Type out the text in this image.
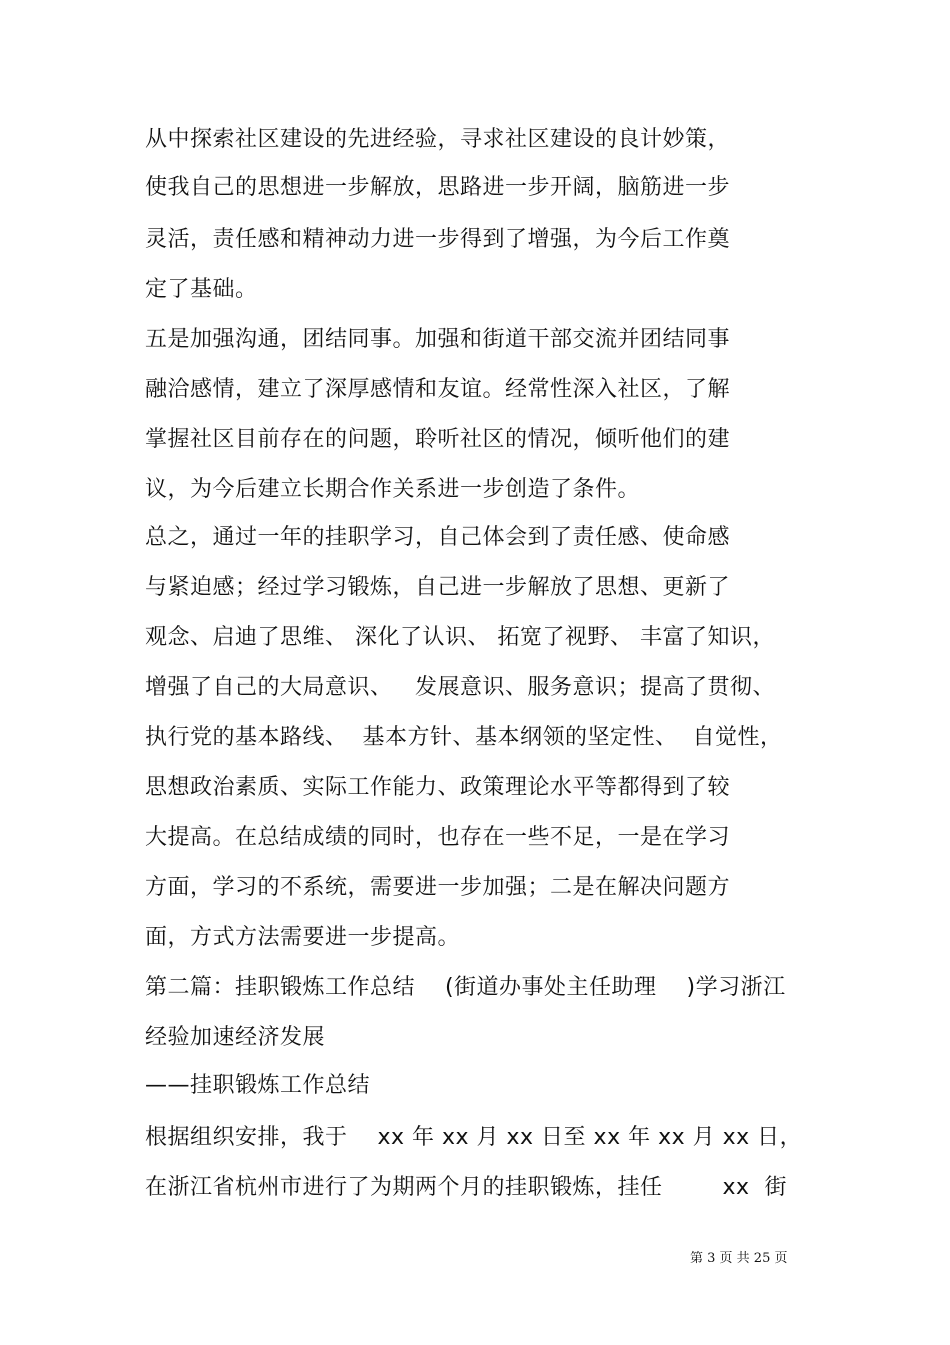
从中探索社区建设的先进经验，寻求社区建设的良计妙策，
使我自己的思想进一步解放，思路进一步开阔，脑筋进一步
灵活，责任感和精神动力进一步得到了增强，为今后工作奠
定了基础。
五是加强沟通，团结同事。加强和街道干部交流并团结同事
融洽感情，建立了深厚感情和友谊。经常性深入社区，了解
掌握社区目前存在的问题，聆听社区的情况，倾听他们的建
议，为今后建立长期合作关系进一步创造了条件。
总之，通过一年的挂职学习，自己体会到了责任感、使命感
与紧迫感；经过学习锻炼，自己进一步解放了思想、更新了
观念、启迪了思维、 深化了认识、 拓宽了视野、 丰富了知识，
增强了自己的大局意识、   发展意识、服务意识；提高了贯彻、
执行党的基本路线、  基本方针、基本纲领的坚定性、  自觉性，
思想政治素质、实际工作能力、政策理论水平等都得到了较
大提高。在总结成绩的同时，也存在一些不足，一是在学习
方面，学习的不系统，需要进一步加强；二是在解决问题方
面，方式方法需要进一步提高。
第二篇：挂职锻炼工作总结    (街道办事处主任助理    )学习浙江
经验加速经济发展
——挂职锻炼工作总结
根据组织安排，我于    xx 年 xx 月 xx 日至 xx 年 xx 月 xx 日，
在浙江省杭州市进行了为期两个月的挂职锻炼，挂任        xx  街
第 3 页 共 25 页
